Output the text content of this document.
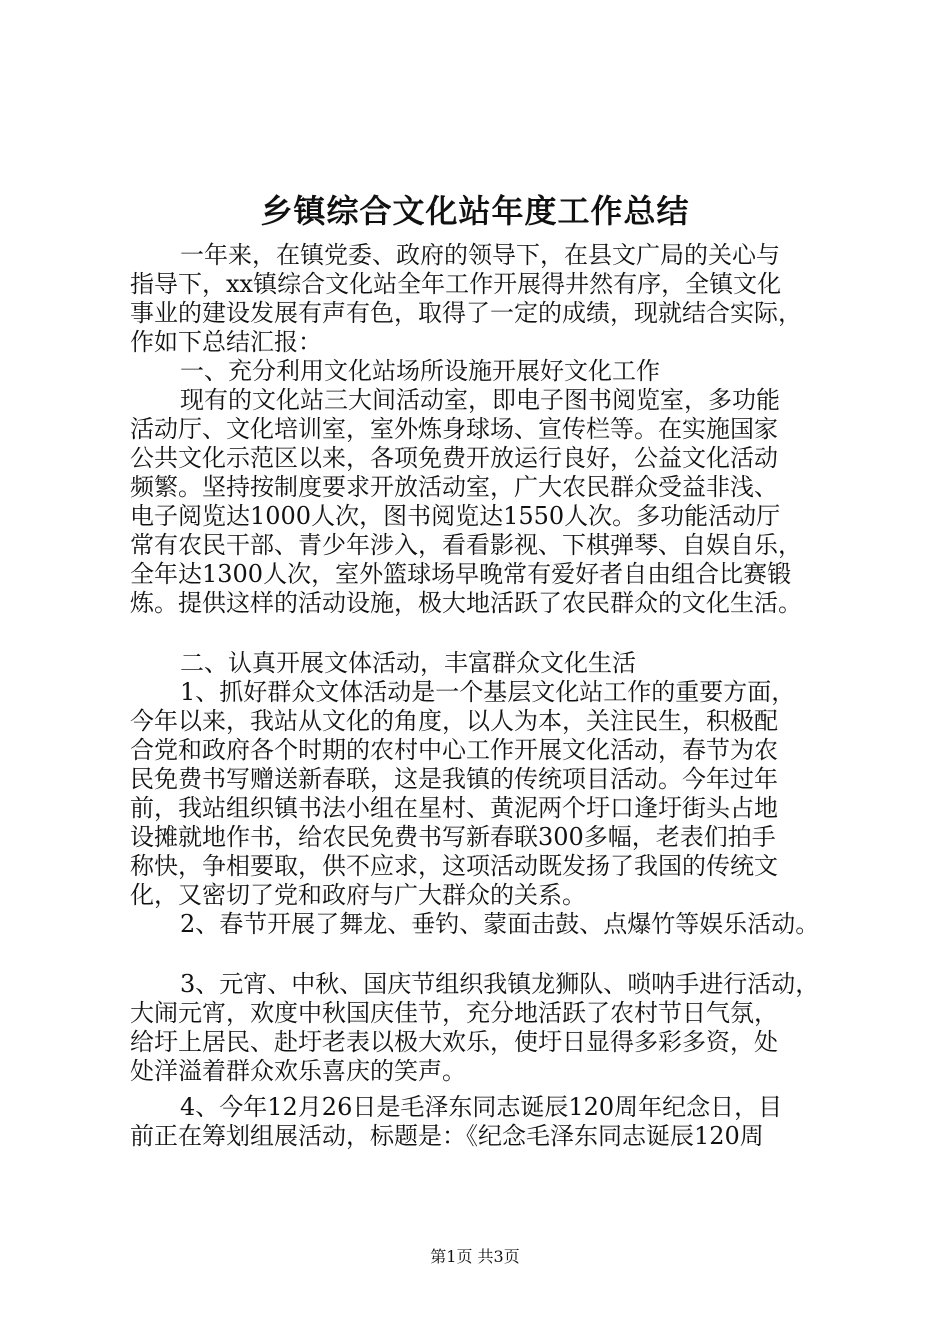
乡镇综合文化站年度工作总结
一年来，在镇党委、政府的领导下，在县文广局的关心与
指导下，xx镇综合文化站全年工作开展得井然有序，全镇文化
事业的建设发展有声有色，取得了一定的成绩，现就结合实际，
作如下总结汇报：
一、充分利用文化站场所设施开展好文化工作
现有的文化站三大间活动室，即电子图书阅览室，多功能
活动厅、文化培训室，室外炼身球场、宣传栏等。在实施国家
公共文化示范区以来，各项免费开放运行良好，公益文化活动
频繁。坚持按制度要求开放活动室，广大农民群众受益非浅、
电子阅览达1000人次，图书阅览达1550人次。多功能活动厅
常有农民干部、青少年涉入，看看影视、下棋弹琴、自娱自乐，
全年达1300人次，室外篮球场早晚常有爱好者自由组合比赛锻
炼。提供这样的活动设施，极大地活跃了农民群众的文化生活。
二、认真开展文体活动，丰富群众文化生活
1、抓好群众文体活动是一个基层文化站工作的重要方面，
今年以来，我站从文化的角度，以人为本，关注民生，积极配
合党和政府各个时期的农村中心工作开展文化活动，春节为农
民免费书写赠送新春联，这是我镇的传统项目活动。今年过年
前，我站组织镇书法小组在星村、黄泥两个圩口逢圩街头占地
设摊就地作书，给农民免费书写新春联300多幅，老表们拍手
称快，争相要取，供不应求，这项活动既发扬了我国的传统文
化，又密切了党和政府与广大群众的关系。
2、春节开展了舞龙、垂钓、蒙面击鼓、点爆竹等娱乐活动。
3、元宵、中秋、国庆节组织我镇龙狮队、唢呐手进行活动，
大闹元宵，欢度中秋国庆佳节，充分地活跃了农村节日气氛，
给圩上居民、赴圩老表以极大欢乐，使圩日显得多彩多资，处
处洋溢着群众欢乐喜庆的笑声。
4、今年12月26日是毛泽东同志诞辰120周年纪念日，目
前正在筹划组展活动，标题是：《纪念毛泽东同志诞辰120周
第1页 共3页
